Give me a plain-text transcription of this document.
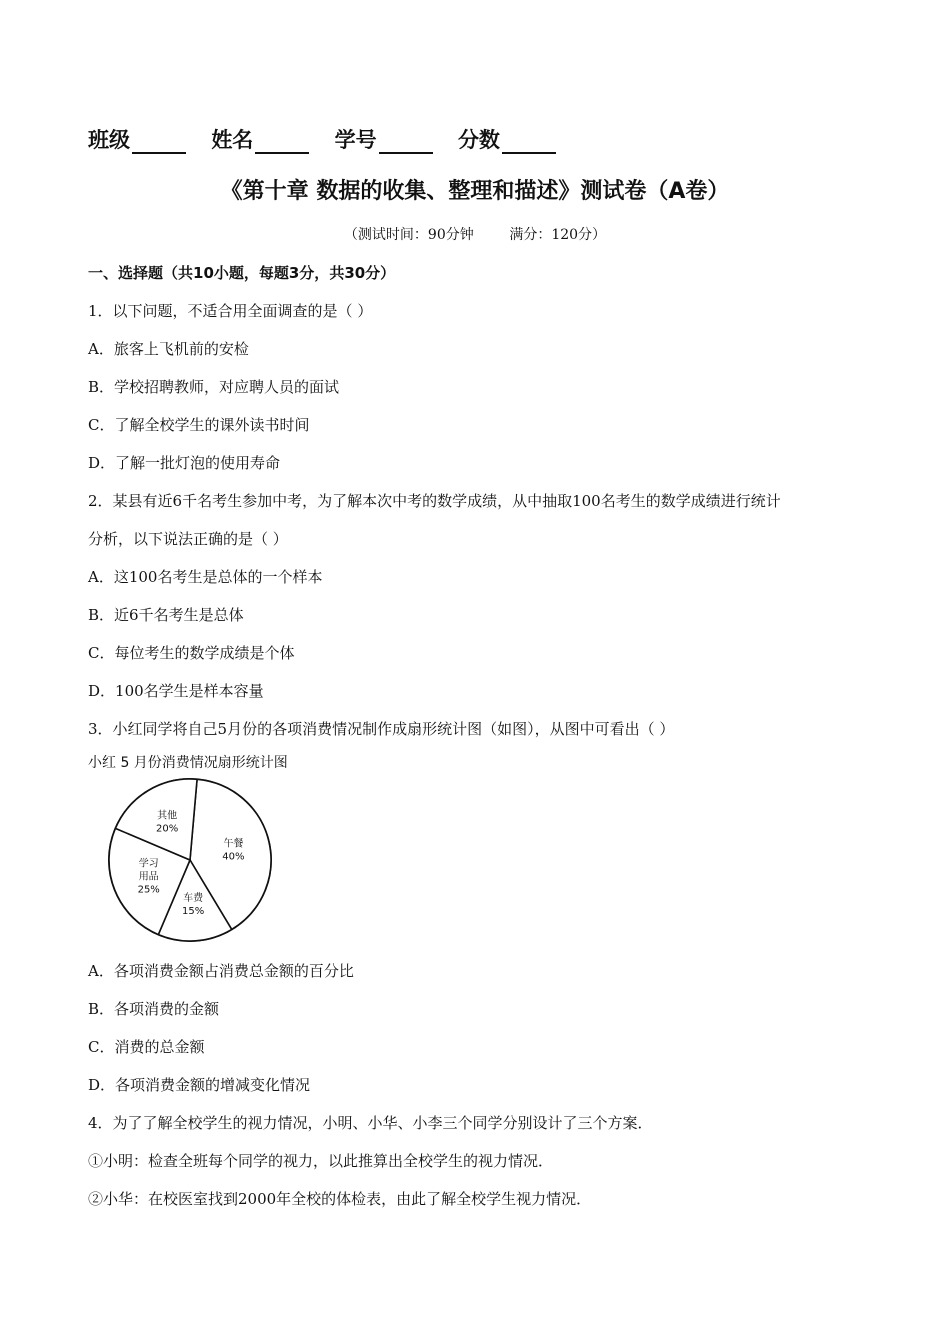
班级	姓名	学号	分数
《第十章 数据的收集、整理和描述》测试卷（A卷）
（测试时间：90分钟        满分：120分）
一、选择题（共10小题，每题3分，共30分）
1．以下问题，不适合用全面调查的是（ ）
A．旅客上飞机前的安检
B．学校招聘教师，对应聘人员的面试
C．了解全校学生的课外读书时间
D．了解一批灯泡的使用寿命
2．某县有近6千名考生参加中考，为了解本次中考的数学成绩，从中抽取100名考生的数学成绩进行统计
分析，以下说法正确的是（ ）
A．这100名考生是总体的一个样本
B．近6千名考生是总体
C．每位考生的数学成绩是个体
D．100名学生是样本容量
3．小红同学将自己5月份的各项消费情况制作成扇形统计图（如图），从图中可看出（ ）
小红 5 月份消费情况扇形统计图
午餐
40%
车费
15%
学习
用品
25%
其他
20%
A．各项消费金额占消费总金额的百分比
B．各项消费的金额
C．消费的总金额
D．各项消费金额的增减变化情况
4．为了了解全校学生的视力情况，小明、小华、小李三个同学分别设计了三个方案．
①小明：检查全班每个同学的视力，以此推算出全校学生的视力情况．
②小华：在校医室找到2000年全校的体检表，由此了解全校学生视力情况．
